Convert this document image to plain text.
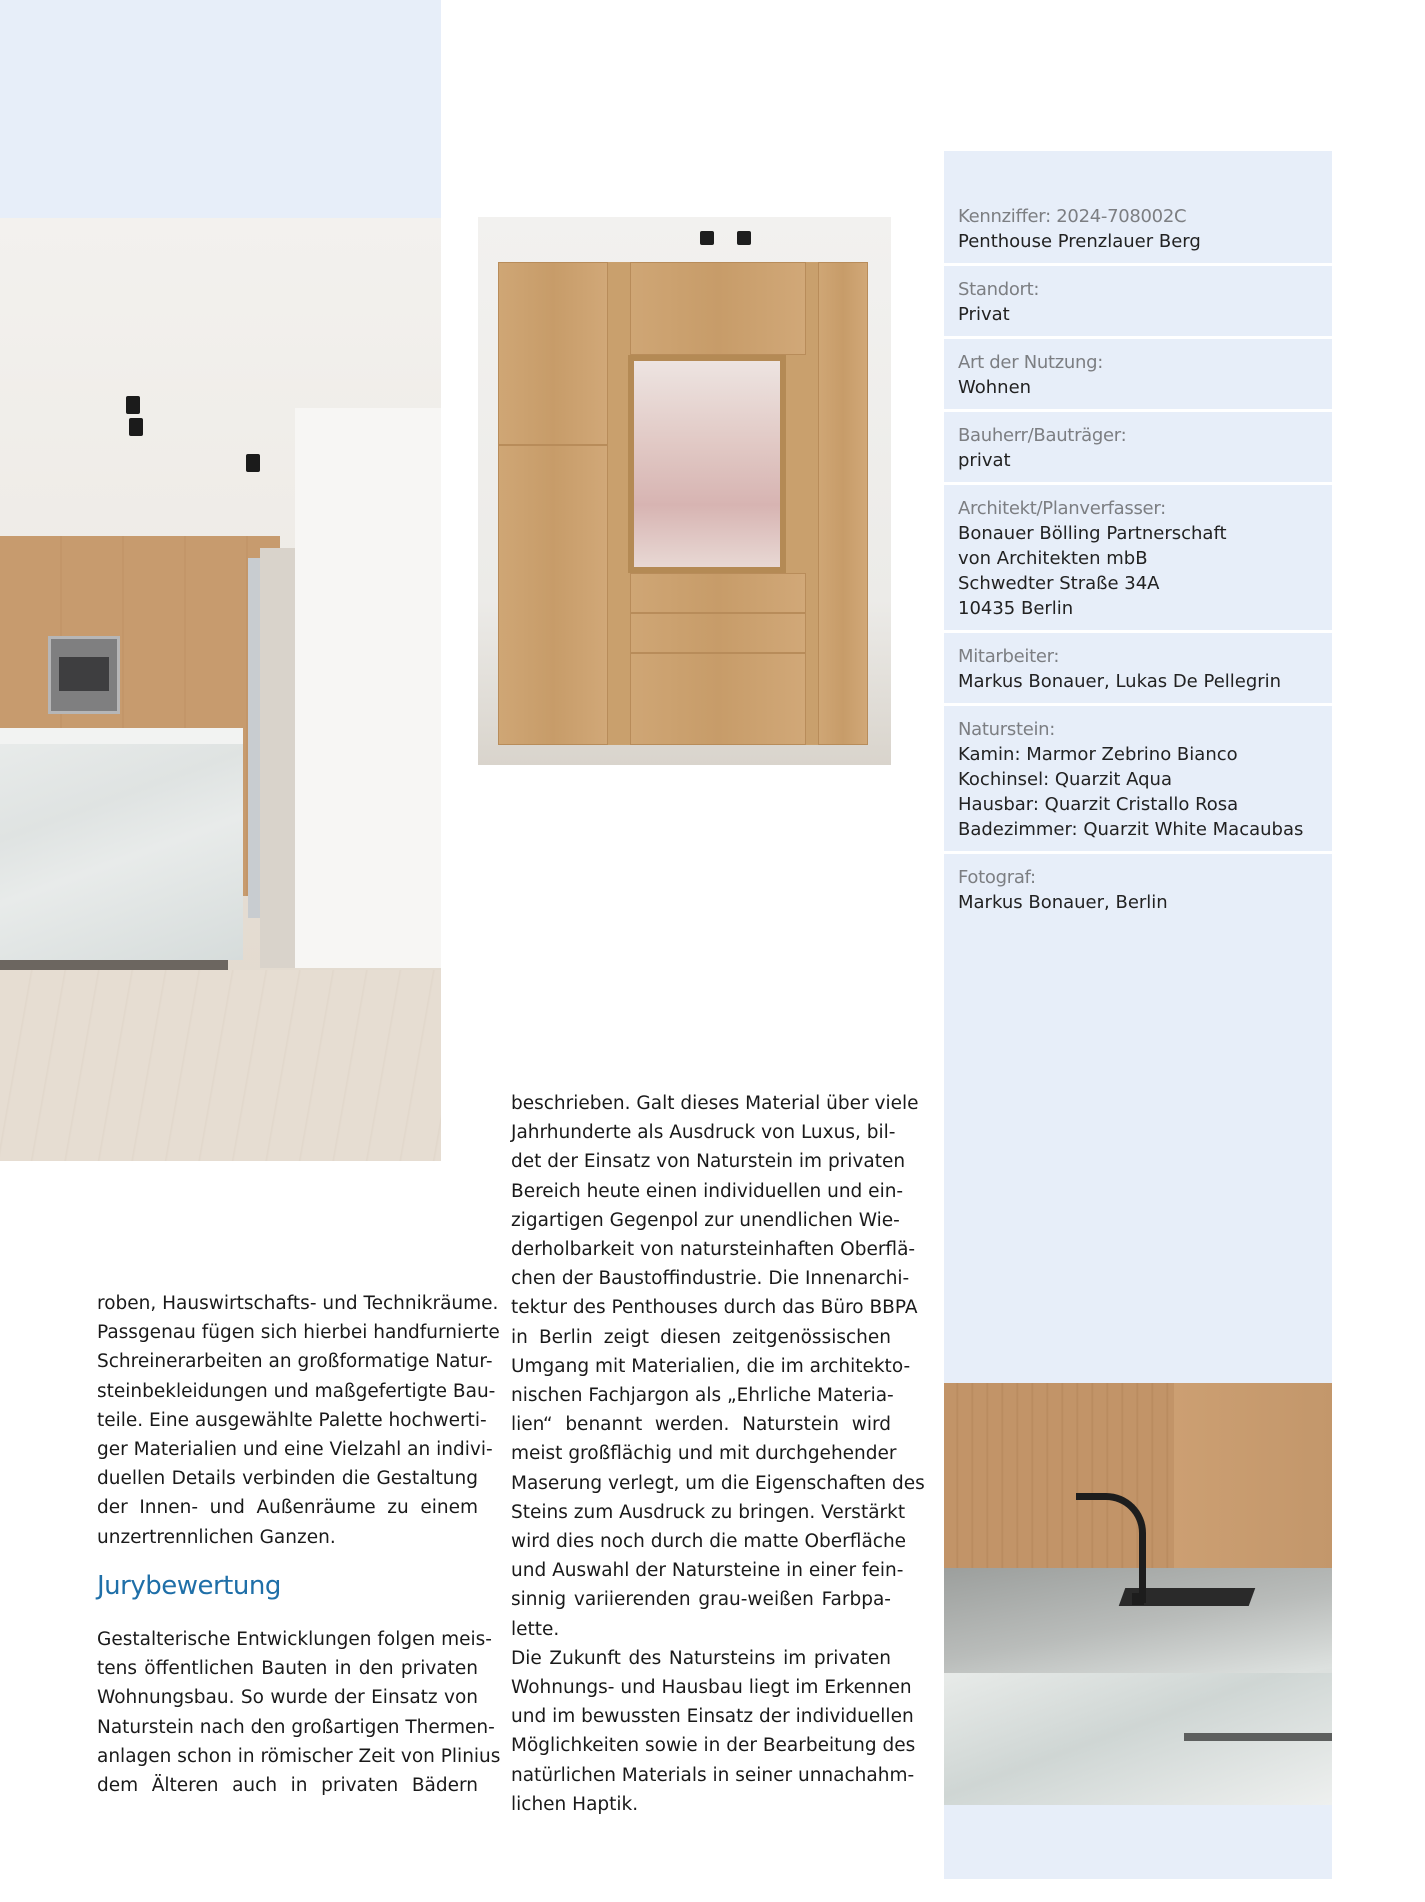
Kennziffer: 2024-708002C
Penthouse Prenzlauer Berg
Standort:
Privat
Art der Nutzung:
Wohnen
Bauherr/Bauträger:
privat
Architekt/Planverfasser:
Bonauer Bölling Partnerschaft
von Architekten mbB
Schwedter Straße 34A
10435 Berlin
Mitarbeiter:
Markus Bonauer, Lukas De Pellegrin
Naturstein:
Kamin: Marmor Zebrino Bianco
Kochinsel: Quarzit Aqua
Hausbar: Quarzit Cristallo Rosa
Badezimmer: Quarzit White Macaubas
Fotograf:
Markus Bonauer, Berlin
roben, Hauswirtschafts- und Technikräume.
Passgenau fügen sich hierbei handfurnierte
Schreinerarbeiten an großformatige Natur-
steinbekleidungen und maßgefertigte Bau-
teile. Eine ausgewählte Palette hochwerti-
ger Materialien und eine Vielzahl an indivi-
duellen Details verbinden die Gestaltung
der Innen- und Außenräume zu einem
unzertrennlichen Ganzen.
Jurybewertung
Gestalterische Entwicklungen folgen meis-
tens öffentlichen Bauten in den privaten
Wohnungsbau. So wurde der Einsatz von
Naturstein nach den großartigen Thermen-
anlagen schon in römischer Zeit von Plinius
dem Älteren auch in privaten Bädern
beschrieben. Galt dieses Material über viele
Jahrhunderte als Ausdruck von Luxus, bil-
det der Einsatz von Naturstein im privaten
Bereich heute einen individuellen und ein-
zigartigen Gegenpol zur unendlichen Wie-
derholbarkeit von natursteinhaften Oberflä-
chen der Baustoffindustrie. Die Innenarchi-
tektur des Penthouses durch das Büro BBPA
in Berlin zeigt diesen zeitgenössischen
Umgang mit Materialien, die im architekto-
nischen Fachjargon als „Ehrliche Materia-
lien“ benannt werden. Naturstein wird
meist großflächig und mit durchgehender
Maserung verlegt, um die Eigenschaften des
Steins zum Ausdruck zu bringen. Verstärkt
wird dies noch durch die matte Oberfläche
und Auswahl der Natursteine in einer fein-
sinnig variierenden grau-weißen Farbpa-
lette.
Die Zukunft des Natursteins im privaten
Wohnungs- und Hausbau liegt im Erkennen
und im bewussten Einsatz der individuellen
Möglichkeiten sowie in der Bearbeitung des
natürlichen Materials in seiner unnachahm-
lichen Haptik.
